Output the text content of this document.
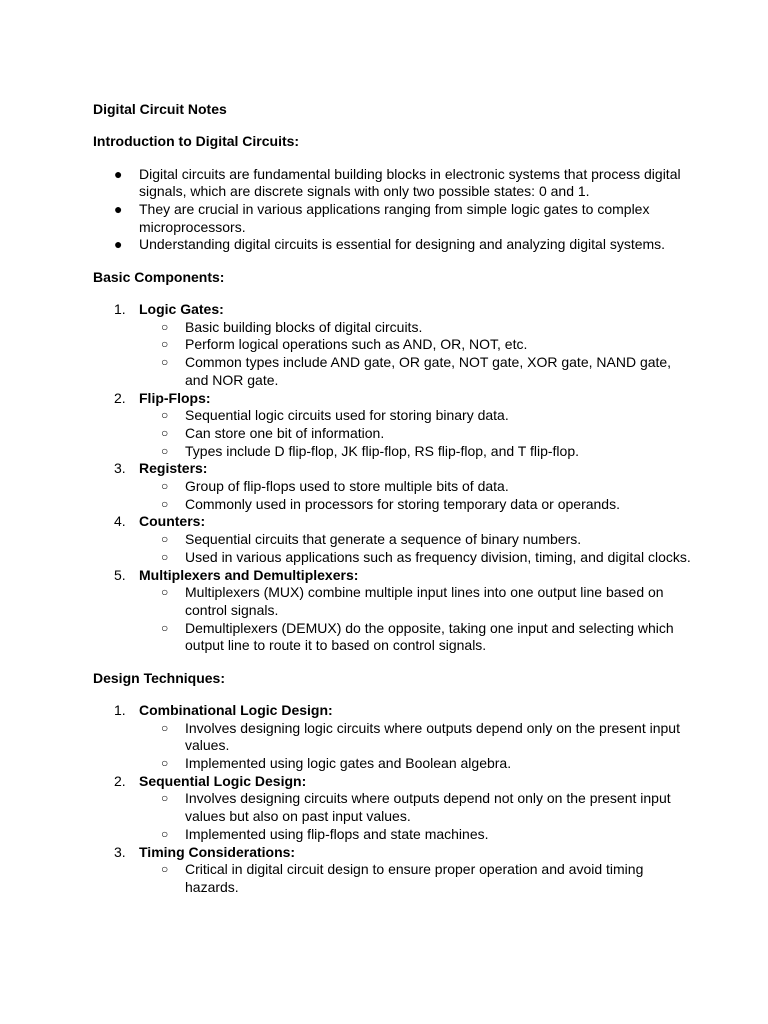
Digital Circuit Notes
Introduction to Digital Circuits:
● Digital circuits are fundamental building blocks in electronic systems that process digital signals, which are discrete signals with only two possible states: 0 and 1.
● They are crucial in various applications ranging from simple logic gates to complex microprocessors.
● Understanding digital circuits is essential for designing and analyzing digital systems.
Basic Components:
1. Logic Gates:
○ Basic building blocks of digital circuits.
○ Perform logical operations such as AND, OR, NOT, etc.
○ Common types include AND gate, OR gate, NOT gate, XOR gate, NAND gate, and NOR gate.
2. Flip-Flops:
○ Sequential logic circuits used for storing binary data.
○ Can store one bit of information.
○ Types include D flip-flop, JK flip-flop, RS flip-flop, and T flip-flop.
3. Registers:
○ Group of flip-flops used to store multiple bits of data.
○ Commonly used in processors for storing temporary data or operands.
4. Counters:
○ Sequential circuits that generate a sequence of binary numbers.
○ Used in various applications such as frequency division, timing, and digital clocks.
5. Multiplexers and Demultiplexers:
○ Multiplexers (MUX) combine multiple input lines into one output line based on control signals.
○ Demultiplexers (DEMUX) do the opposite, taking one input and selecting which output line to route it to based on control signals.
Design Techniques:
1. Combinational Logic Design:
○ Involves designing logic circuits where outputs depend only on the present input values.
○ Implemented using logic gates and Boolean algebra.
2. Sequential Logic Design:
○ Involves designing circuits where outputs depend not only on the present input values but also on past input values.
○ Implemented using flip-flops and state machines.
3. Timing Considerations:
○ Critical in digital circuit design to ensure proper operation and avoid timing hazards.
